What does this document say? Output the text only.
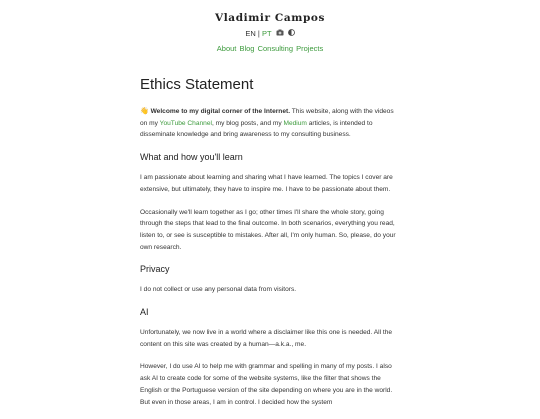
Vladimir Campos
EN | PT
About Blog Consulting Projects
Ethics Statement

👋 Welcome to my digital corner of the Internet. This website, along with the videos on my YouTube Channel, my blog posts, and my Medium articles, is intended to disseminate knowledge and bring awareness to my consulting business.

What and how you'll learn

I am passionate about learning and sharing what I have learned. The topics I cover are extensive, but ultimately, they have to inspire me. I have to be passionate about them.

Occasionally we'll learn together as I go; other times I'll share the whole story, going through the steps that lead to the final outcome. In both scenarios, everything you read, listen to, or see is susceptible to mistakes. After all, I'm only human. So, please, do your own research.

Privacy

I do not collect or use any personal data from visitors.

AI

Unfortunately, we now live in a world where a disclaimer like this one is needed. All the content on this site was created by a human—a.k.a., me.

However, I do use AI to help me with grammar and spelling in many of my posts. I also ask AI to create code for some of the website systems, like the filter that shows the English or the Portuguese version of the site depending on where you are in the world. But even in those areas, I am in control. I decided how the system
